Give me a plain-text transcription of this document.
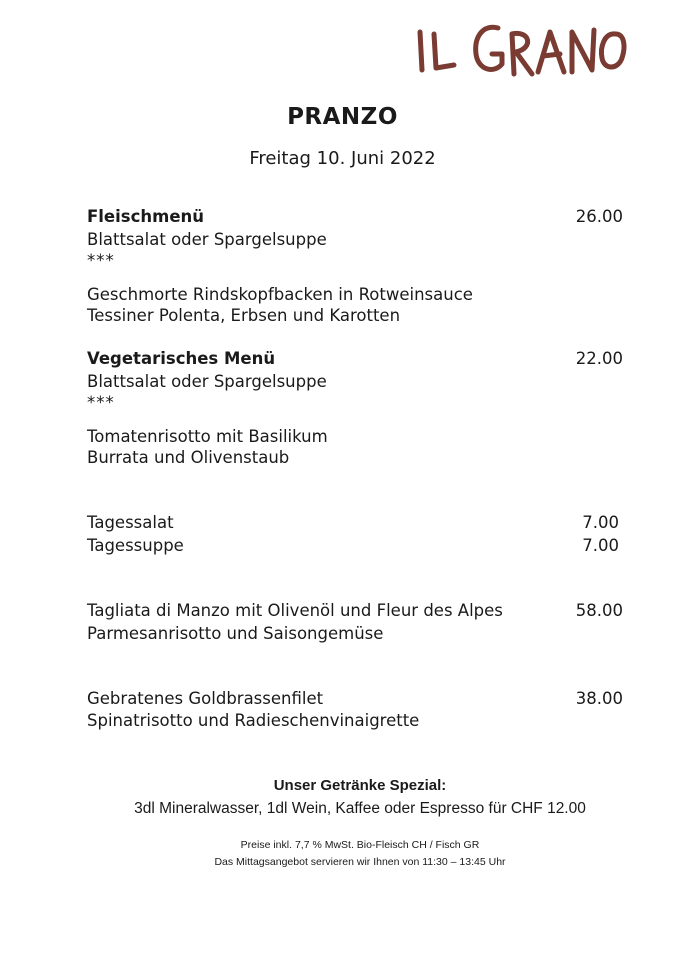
PRANZO
Freitag 10. Juni 2022
Fleischmenü	26.00
Blattsalat oder Spargelsuppe
***
Geschmorte Rindskopfbacken in Rotweinsauce
Tessiner Polenta, Erbsen und Karotten
Vegetarisches Menü	22.00
Blattsalat oder Spargelsuppe
***
Tomatenrisotto mit Basilikum
Burrata und Olivenstaub
Tagessalat	7.00
Tagessuppe	7.00
Tagliata di Manzo mit Olivenöl und Fleur des Alpes	58.00
Parmesanrisotto und Saisongemüse
Gebratenes Goldbrassenfilet	38.00
Spinatrisotto und Radieschenvinaigrette
Unser Getränke Spezial:
3dl Mineralwasser, 1dl Wein, Kaffee oder Espresso für CHF 12.00
Preise inkl. 7,7 % MwSt. Bio-Fleisch CH / Fisch GR
Das Mittagsangebot servieren wir Ihnen von 11:30 – 13:45 Uhr
